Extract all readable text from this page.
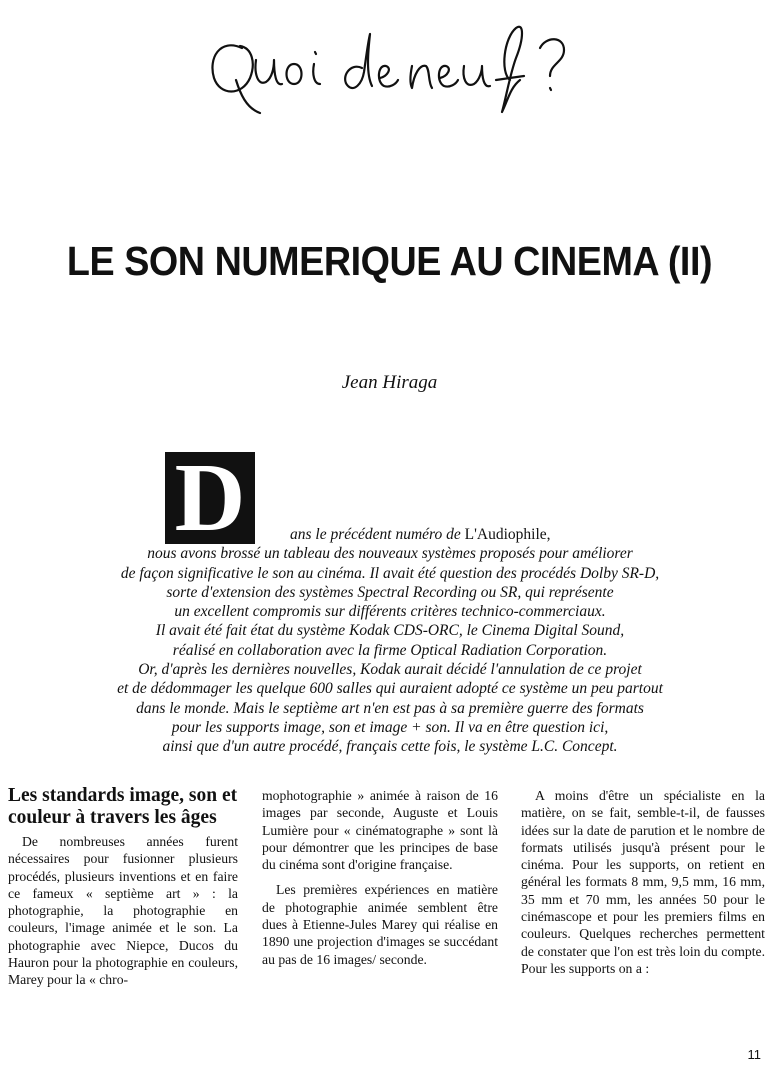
LE SON NUMERIQUE AU CINEMA (II)
Jean Hiraga
D	ans le précédent numéro de L'Audiophile,
nous avons brossé un tableau des nouveaux systèmes proposés pour améliorer
de façon significative le son au cinéma. Il avait été question des procédés Dolby SR-D,
sorte d'extension des systèmes Spectral Recording ou SR, qui représente
un excellent compromis sur différents critères technico-commerciaux.
Il avait été fait état du système Kodak CDS-ORC, le Cinema Digital Sound,
réalisé en collaboration avec la firme Optical Radiation Corporation.
Or, d'après les dernières nouvelles, Kodak aurait décidé l'annulation de ce projet
et de dédommager les quelque 600 salles qui auraient adopté ce système un peu partout
dans le monde. Mais le septième art n'en est pas à sa première guerre des formats
pour les supports image, son et image + son. Il va en être question ici,
ainsi que d'un autre procédé, français cette fois, le système L.C. Concept.
Les standards image, son et couleur à travers les âges

De nombreuses années furent nécessaires pour fusionner plusieurs procédés, plusieurs inventions et en faire ce fameux « septième art » : la photographie, la photographie en couleurs, l'image animée et le son. La photographie avec Niepce, Ducos du Hauron pour la photographie en couleurs, Marey pour la « chro-

mophotographie » animée à raison de 16 images par seconde, Auguste et Louis Lumière pour « cinématographe » sont là pour démontrer que les principes de base du cinéma sont d'origine française.

Les premières expériences en matière de photographie animée semblent être dues à Etienne-Jules Marey qui réalise en 1890 une projection d'images se succédant au pas de 16 images/ seconde.

A moins d'être un spécialiste en la matière, on se fait, semble-t-il, de fausses idées sur la date de parution et le nombre de formats utilisés jusqu'à présent pour le cinéma. Pour les supports, on retient en général les formats 8 mm, 9,5 mm, 16 mm, 35 mm et 70 mm, les années 50 pour le cinémascope et pour les premiers films en couleurs. Quelques recherches permettent de constater que l'on est très loin du compte. Pour les supports on a :

11
